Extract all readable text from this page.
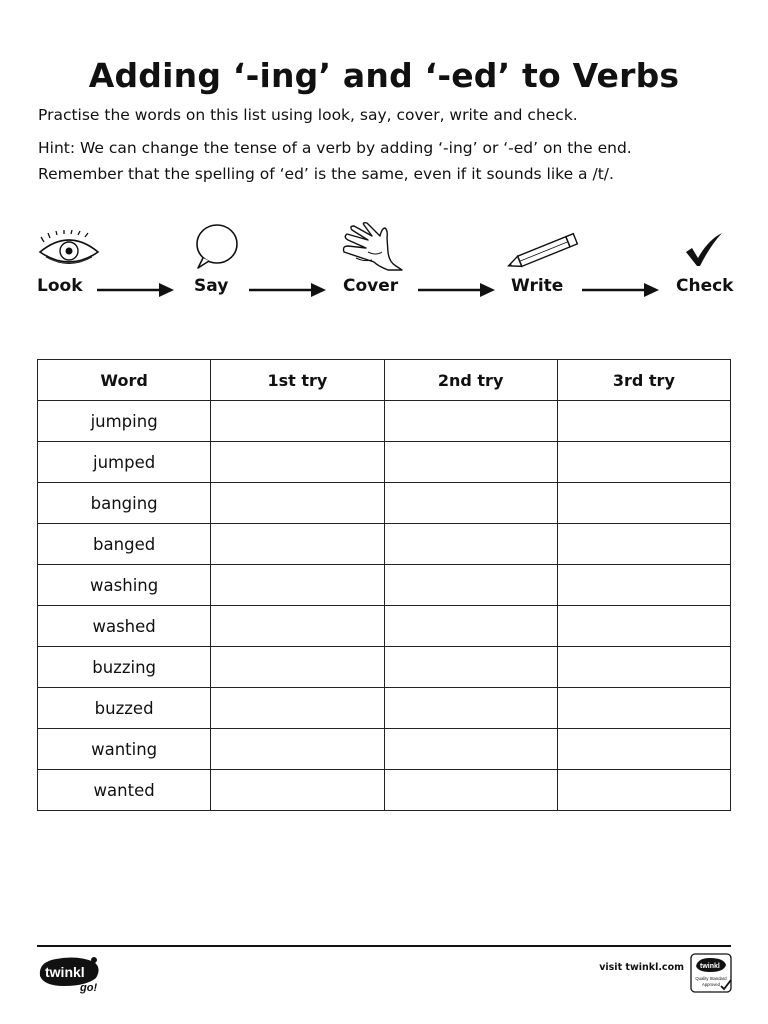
Adding ‘-ing’ and ‘-ed’ to Verbs

Practise the words on this list using look, say, cover, write and check.

Hint: We can change the tense of a verb by adding ‘-ing’ or ‘-ed’ on the end.

Remember that the spelling of ‘ed’ is the same, even if it sounds like a /t/.

Look	Say	Cover	Write	Check
Word	1st try	2nd try	3rd try
jumping			
jumped			
banging			
banged			
washing			
washed			
buzzing			
buzzed			
wanting			
wanted			
twinkl
go!
visit twinkl.com twinkl
Quality Standard
Approved
